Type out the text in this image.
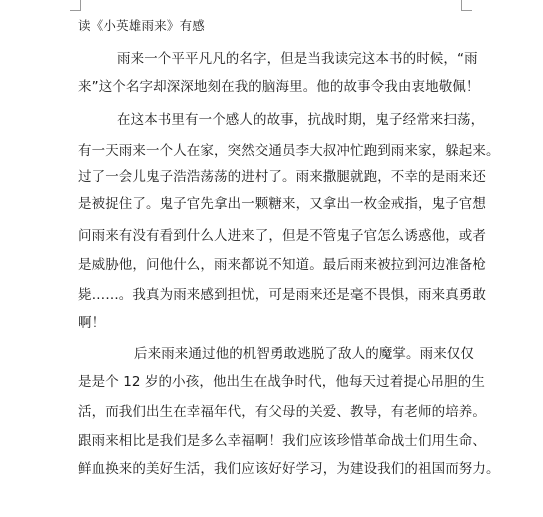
读《小英雄雨来》有感
雨来一个平平凡凡的名字，但是当我读完这本书的时候，“雨
来”这个名字却深深地刻在我的脑海里。他的故事令我由衷地敬佩！
在这本书里有一个感人的故事，抗战时期，鬼子经常来扫荡，
有一天雨来一个人在家，突然交通员李大叔冲忙跑到雨来家，躲起来。
过了一会儿鬼子浩浩荡荡的进村了。雨来撒腿就跑，不幸的是雨来还
是被捉住了。鬼子官先拿出一颗糖来，又拿出一枚金戒指，鬼子官想
问雨来有没有看到什么人进来了，但是不管鬼子官怎么诱惑他，或者
是威胁他，问他什么，雨来都说不知道。最后雨来被拉到河边准备枪
毙……。我真为雨来感到担忧，可是雨来还是毫不畏惧，雨来真勇敢
啊！
后来雨来通过他的机智勇敢逃脱了敌人的魔掌。雨来仅仅
是是个 12 岁的小孩，他出生在战争时代，他每天过着提心吊胆的生
活，而我们出生在幸福年代，有父母的关爱、教导，有老师的培养。
跟雨来相比是我们是多么幸福啊！我们应该珍惜革命战士们用生命、
鲜血换来的美好生活，我们应该好好学习，为建设我们的祖国而努力。
